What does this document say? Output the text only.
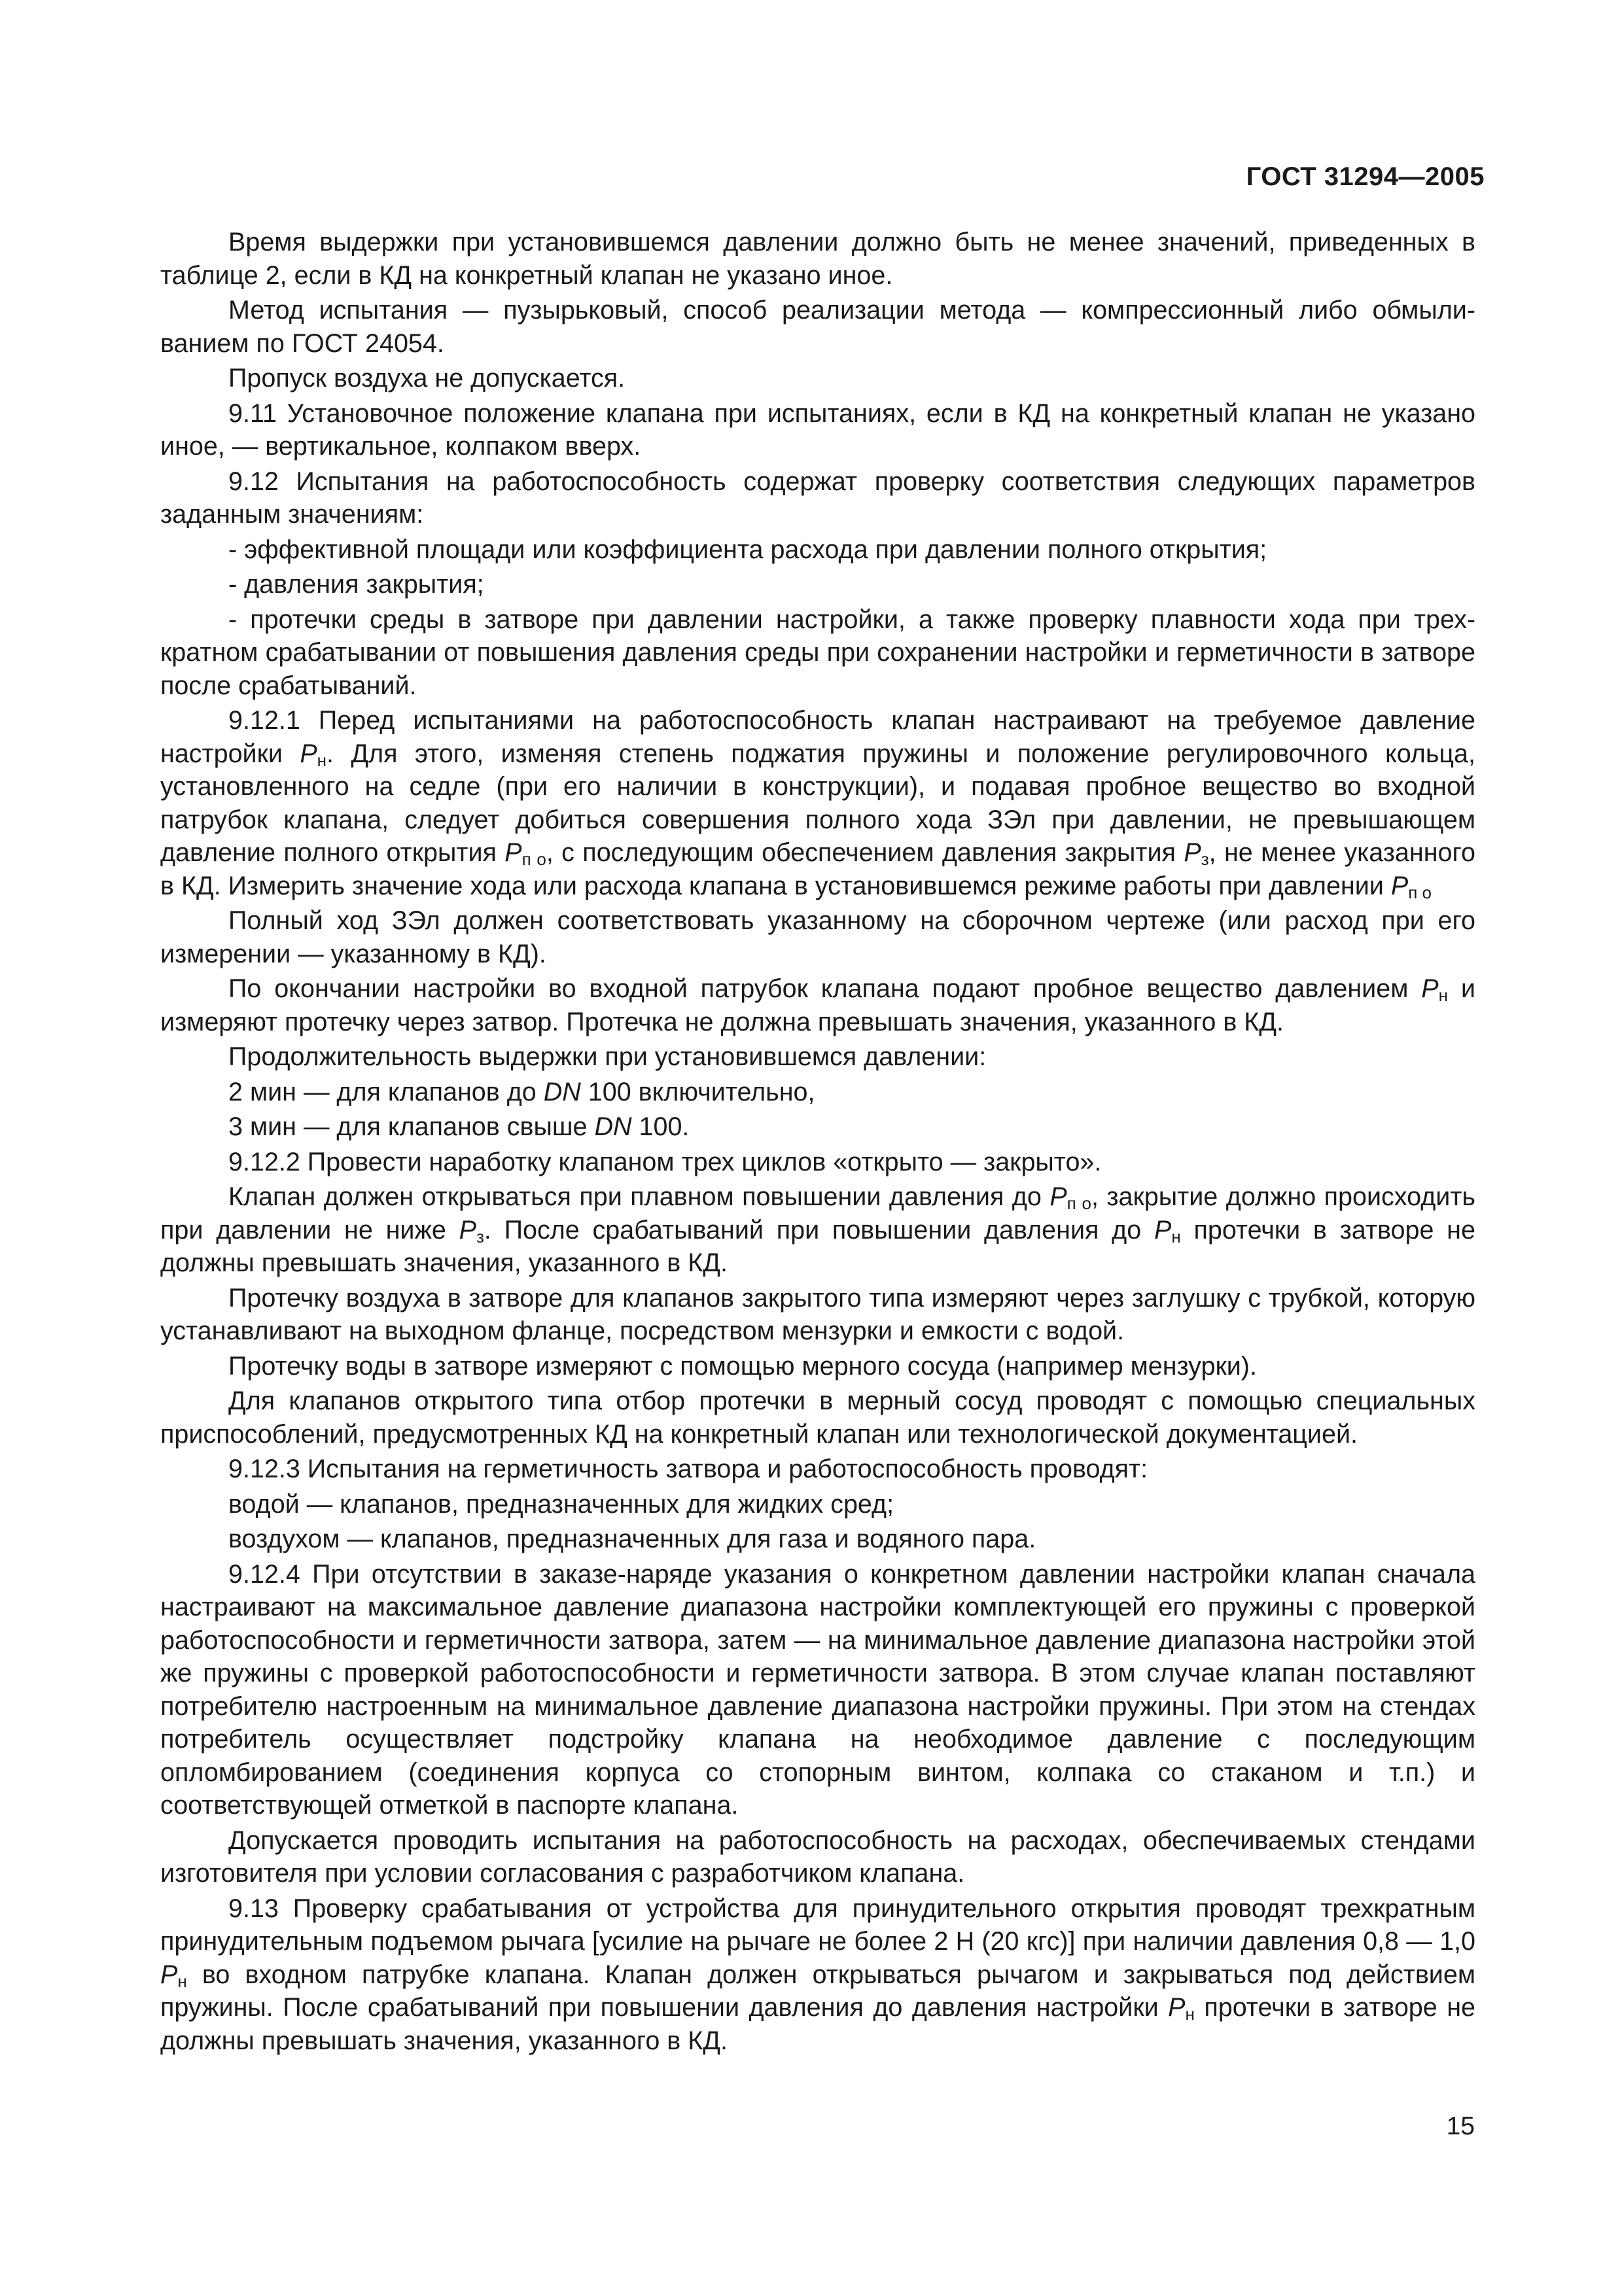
ГОСТ 31294—2005

Время выдержки при установившемся давлении должно быть не менее значений, приведенных в таблице 2, если в КД на конкретный клапан не указано иное.

Метод испытания — пузырьковый, способ реализации метода — компрессионный либо обмыливанием по ГОСТ 24054.

Пропуск воздуха не допускается.

9.11 Установочное положение клапана при испытаниях, если в КД на конкретный клапан не указано иное, — вертикальное, колпаком вверх.

9.12 Испытания на работоспособность содержат проверку соответствия следующих параметров заданным значениям:

- эффективной площади или коэффициента расхода при давлении полного открытия;

- давления закрытия;

- протечки среды в затворе при давлении настройки, а также проверку плавности хода при трехкратном срабатывании от повышения давления среды при сохранении настройки и герметичности в затворе после срабатываний.

9.12.1 Перед испытаниями на работоспособность клапан настраивают на требуемое давление настройки $P_н$. Для этого, изменяя степень поджатия пружины и положение регулировочного кольца, установленного на седле (при его наличии в конструкции), и подавая пробное вещество во входной патрубок клапана, следует добиться совершения полного хода ЗЭл при давлении, не превышающем давление полного открытия $P_{п о}$, с последующим обеспечением давления закрытия $P_з$, не менее указанного в КД. Измерить значение хода или расхода клапана в установившемся режиме работы при давлении $P_{п о}$

Полный ход ЗЭл должен соответствовать указанному на сборочном чертеже (или расход при его измерении — указанному в КД).

По окончании настройки во входной патрубок клапана подают пробное вещество давлением $P_н$ и измеряют протечку через затвор. Протечка не должна превышать значения, указанного в КД.

Продолжительность выдержки при установившемся давлении:

2 мин — для клапанов до DN 100 включительно,

3 мин — для клапанов свыше DN 100.

9.12.2 Провести наработку клапаном трех циклов «открыто — закрыто».

Клапан должен открываться при плавном повышении давления до $P_{п о}$, закрытие должно происходить при давлении не ниже $P_з$. После срабатываний при повышении давления до $P_н$ протечки в затворе не должны превышать значения, указанного в КД.

Протечку воздуха в затворе для клапанов закрытого типа измеряют через заглушку с трубкой, которую устанавливают на выходном фланце, посредством мензурки и емкости с водой.

Протечку воды в затворе измеряют с помощью мерного сосуда (например мензурки).

Для клапанов открытого типа отбор протечки в мерный сосуд проводят с помощью специальных приспособлений, предусмотренных КД на конкретный клапан или технологической документацией.

9.12.3 Испытания на герметичность затвора и работоспособность проводят:

водой — клапанов, предназначенных для жидких сред;

воздухом — клапанов, предназначенных для газа и водяного пара.

9.12.4 При отсутствии в заказе-наряде указания о конкретном давлении настройки клапан сначала настраивают на максимальное давление диапазона настройки комплектующей его пружины с проверкой работоспособности и герметичности затвора, затем — на минимальное давление диапазона настройки этой же пружины с проверкой работоспособности и герметичности затвора. В этом случае клапан поставляют потребителю настроенным на минимальное давление диапазона настройки пружины. При этом на стендах потребитель осуществляет подстройку клапана на необходимое давление с последующим опломбированием (соединения корпуса со стопорным винтом, колпака со стаканом и т.п.) и соответствующей отметкой в паспорте клапана.

Допускается проводить испытания на работоспособность на расходах, обеспечиваемых стендами изготовителя при условии согласования с разработчиком клапана.

9.13 Проверку срабатывания от устройства для принудительного открытия проводят трехкратным принудительным подъемом рычага [усилие на рычаге не более 2 Н (20 кгс)] при наличии давления 0,8 — 1,0 $P_н$ во входном патрубке клапана. Клапан должен открываться рычагом и закрываться под действием пружины. После срабатываний при повышении давления до давления настройки $P_н$ протечки в затворе не должны превышать значения, указанного в КД.

15
